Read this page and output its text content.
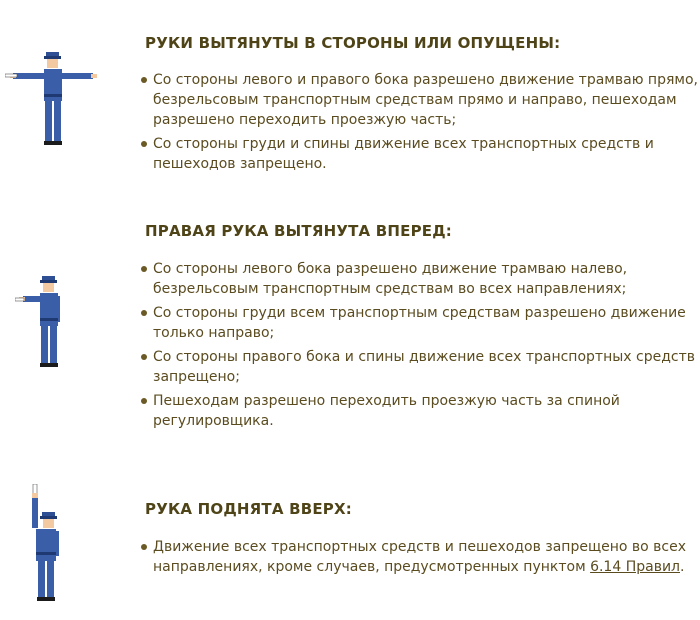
РУКИ ВЫТЯНУТЫ В СТОРОНЫ ИЛИ ОПУЩЕНЫ:
Со стороны левого и правого бока разрешено движение трамваю прямо, безрельсовым транспортным средствам прямо и направо, пешеходам разрешено переходить проезжую часть;
Со стороны груди и спины движение всех транспортных средств и пешеходов запрещено.
ПРАВАЯ РУКА ВЫТЯНУТА ВПЕРЕД:
Со стороны левого бока разрешено движение трамваю налево, безрельсовым транспортным средствам во всех направлениях;
Со стороны груди всем транспортным средствам разрешено движение только направо;
Со стороны правого бока и спины движение всех транспортных средств запрещено;
Пешеходам разрешено переходить проезжую часть за спиной регулировщика.
РУКА ПОДНЯТА ВВЕРХ:
Движение всех транспортных средств и пешеходов запрещено во всех направлениях, кроме случаев, предусмотренных пунктом 6.14 Правил.
